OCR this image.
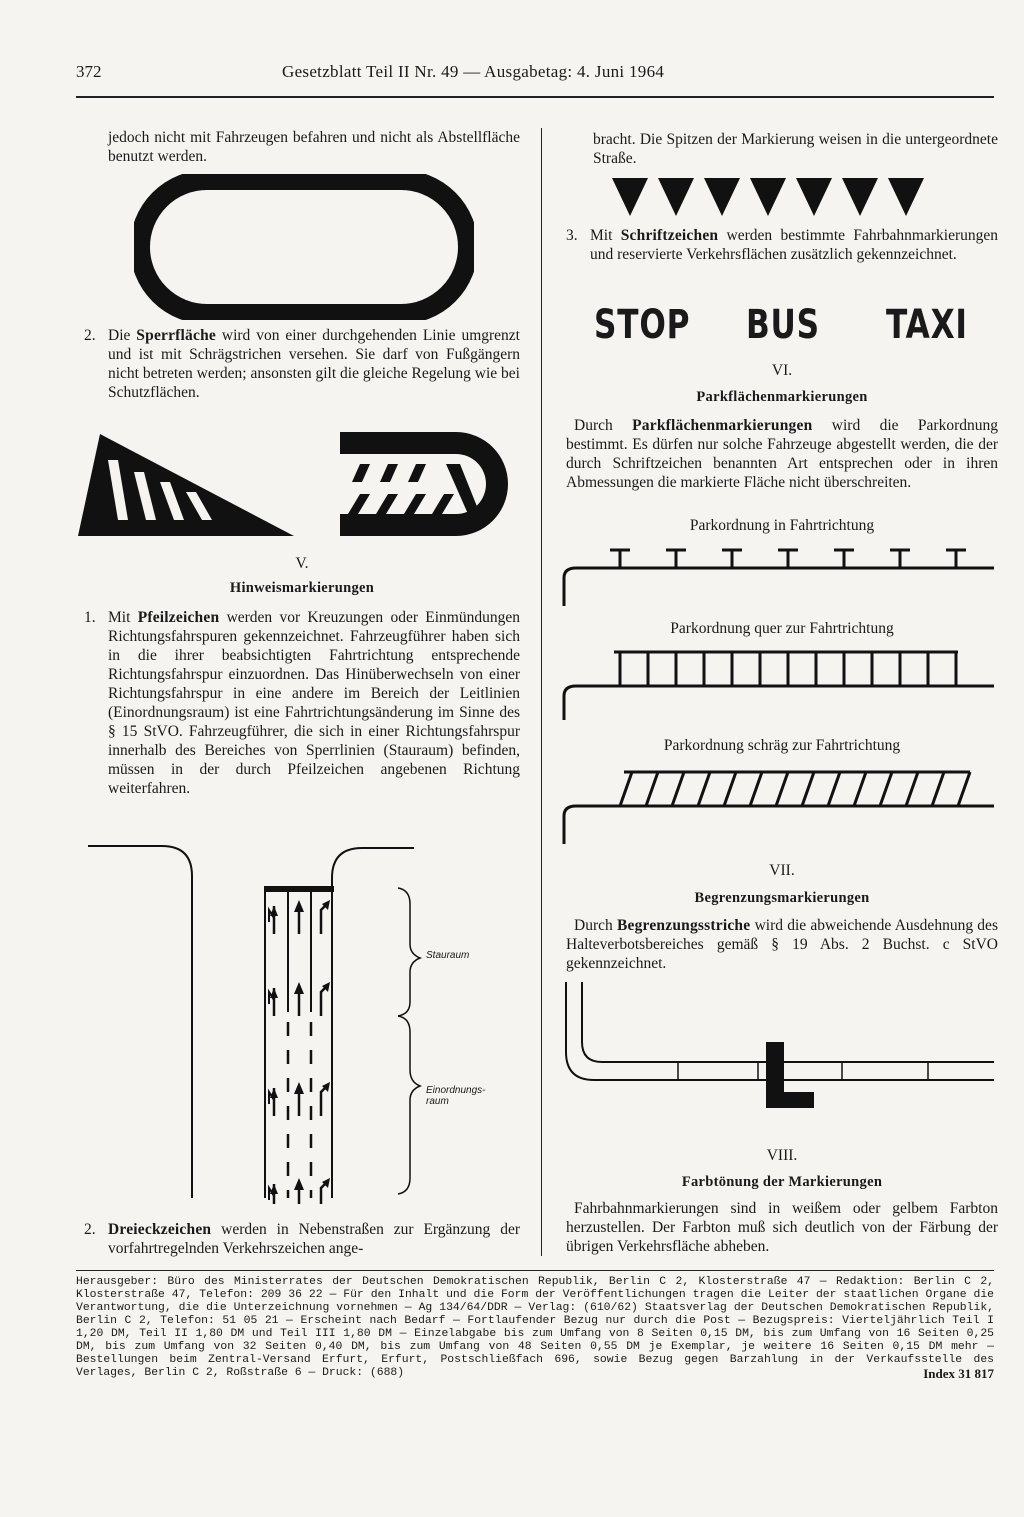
372	Gesetzblatt Teil II Nr. 49 — Ausgabetag: 4. Juni 1964

jedoch nicht mit Fahrzeugen befahren und nicht als Abstellfläche benutzt werden.

2. Die Sperrfläche wird von einer durchgehenden Linie umgrenzt und ist mit Schrägstrichen versehen. Sie darf von Fußgängern nicht betreten werden; ansonsten gilt die gleiche Regelung wie bei Schutzflächen.

V.
Hinweismarkierungen

1. Mit Pfeilzeichen werden vor Kreuzungen oder Einmündungen Richtungsfahrspuren gekennzeichnet. Fahrzeugführer haben sich in die ihrer beabsichtigten Fahrtrichtung entsprechende Richtungsfahrspur einzuordnen. Das Hinüberwechseln von einer Richtungsfahrspur in eine andere im Bereich der Leitlinien (Einordnungsraum) ist eine Fahrtrichtungsänderung im Sinne des § 15 StVO. Fahrzeugführer, die sich in einer Richtungsfahrspur innerhalb des Bereiches von Sperrlinien (Stauraum) befinden, müssen in der durch Pfeilzeichen angebenen Richtung weiterfahren.

Stauraum
Einordnungs-
raum

2. Dreieckzeichen werden in Nebenstraßen zur Ergänzung der vorfahrtregelnden Verkehrszeichen ange-

bracht. Die Spitzen der Markierung weisen in die untergeordnete Straße.

3. Mit Schriftzeichen werden bestimmte Fahrbahnmarkierungen und reservierte Verkehrsflächen zusätzlich gekennzeichnet.

STOP BUS TAXI
VI.
Parkflächenmarkierungen

Durch Parkflächenmarkierungen wird die Parkordnung bestimmt. Es dürfen nur solche Fahrzeuge abgestellt werden, die der durch Schriftzeichen benannten Art entsprechen oder in ihren Abmessungen die markierte Fläche nicht überschreiten.

Parkordnung in Fahrtrichtung
Parkordnung quer zur Fahrtrichtung
Parkordnung schräg zur Fahrtrichtung
VII.
Begrenzungsmarkierungen

Durch Begrenzungsstriche wird die abweichende Ausdehnung des Halteverbotsbereiches gemäß § 19 Abs. 2 Buchst. c StVO gekennzeichnet.

VIII.
Farbtönung der Markierungen

Fahrbahnmarkierungen sind in weißem oder gelbem Farbton herzustellen. Der Farbton muß sich deutlich von der Färbung der übrigen Verkehrsfläche abheben.

Herausgeber: Büro des Ministerrates der Deutschen Demokratischen Republik, Berlin C 2, Klosterstraße 47 — Redaktion: Berlin C 2, Klosterstraße 47, Telefon: 209 36 22 — Für den Inhalt und die Form der Veröffentlichungen tragen die Leiter der staatlichen Organe die Verantwortung, die die Unterzeichnung vornehmen — Ag 134/64/DDR — Verlag: (610/62) Staatsverlag der Deutschen Demokratischen Republik, Berlin C 2, Telefon: 51 05 21 — Erscheint nach Bedarf — Fortlaufender Bezug nur durch die Post — Bezugspreis: Vierteljährlich Teil I 1,20 DM, Teil II 1,80 DM und Teil III 1,80 DM — Einzelabgabe bis zum Umfang von 8 Seiten 0,15 DM, bis zum Umfang von 16 Seiten 0,25 DM, bis zum Umfang von 32 Seiten 0,40 DM, bis zum Umfang von 48 Seiten 0,55 DM je Exemplar, je weitere 16 Seiten 0,15 DM mehr — Bestellungen beim Zentral-Versand Erfurt, Erfurt, Postschließfach 696, sowie Bezug gegen Barzahlung in der Verkaufsstelle des Verlages, Berlin C 2, Roßstraße 6 — Druck: (688)	Index 31 817
